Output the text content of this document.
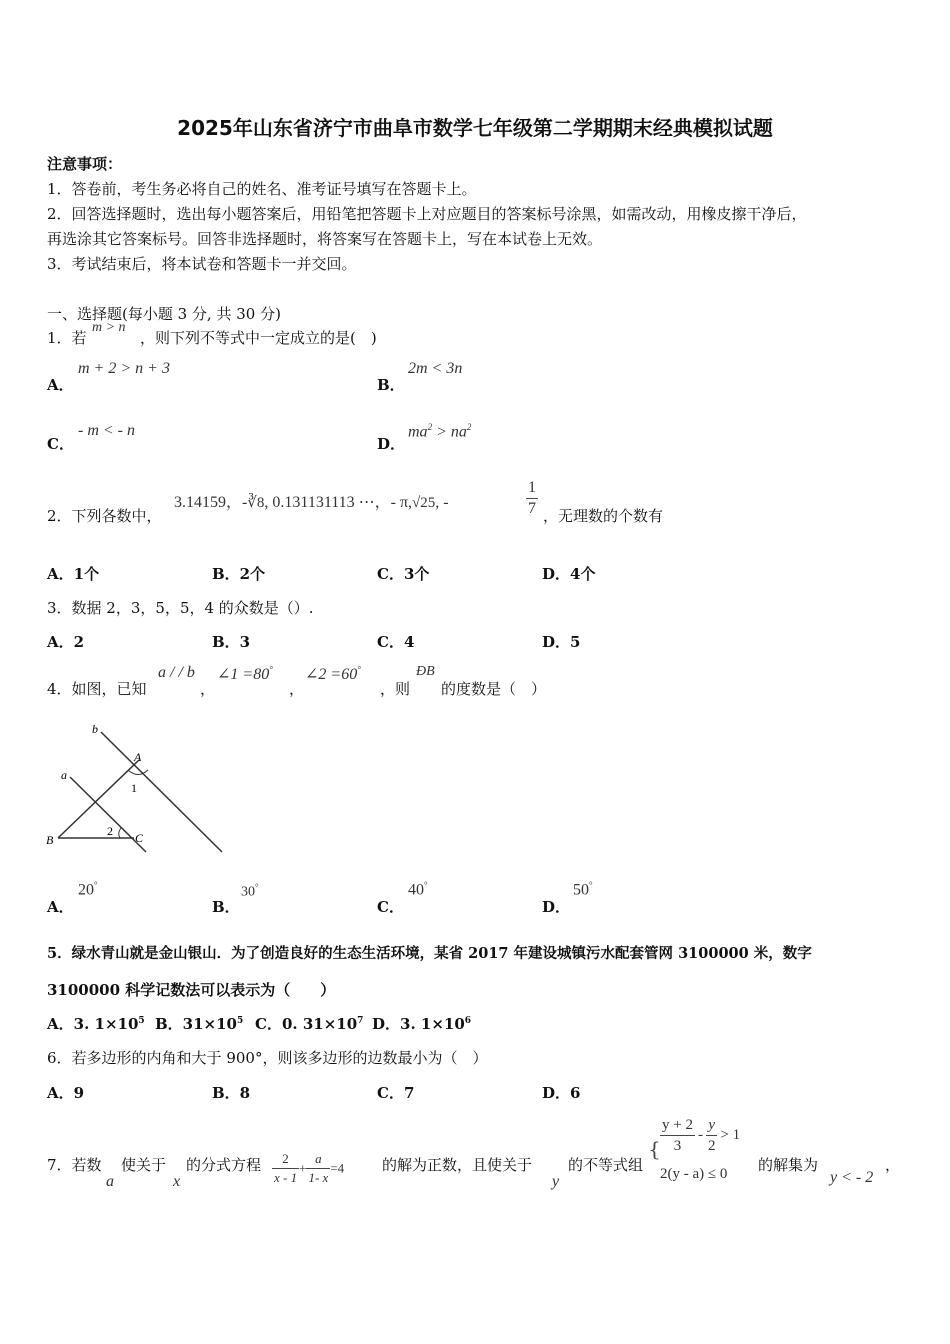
2025年山东省济宁市曲阜市数学七年级第二学期期末经典模拟试题
注意事项：
1．答卷前，考生务必将自己的姓名、准考证号填写在答题卡上。
2．回答选择题时，选出每小题答案后，用铅笔把答题卡上对应题目的答案标号涂黑，如需改动，用橡皮擦干净后，
再选涂其它答案标号。回答非选择题时，将答案写在答题卡上，写在本试卷上无效。
3．考试结束后，将本试卷和答题卡一并交回。
一、选择题(每小题 3 分, 共 30 分)
1．若
m > n
，则下列不等式中一定成立的是(　)
A．
m + 2 > n + 3
B．
2m < 3n
C．
- m < - n
D．
$ma^2 > na^2$
2．下列各数中，
3.14159，-∛8, 0.131131113 ⋯，- π,√25, -	$\frac{1}{7}$ ，无理数的个数有
A．1个	B．2个	C．3个	D．4个
3．数据 2，3，5，5，4 的众数是（）.
A．2	B．3	C．4	D．5
4．如图，已知
a / / b
，
∠1 =80°
，
∠2 =60°
，则
ÐB
的度数是（　）
b
a
A
1
B
2 C
A．
20°
B．
30°
C．
40°
D．
50°
5．绿水青山就是金山银山．为了创造良好的生态生活环境，某省 2017 年建设城镇污水配套管网 3100000 米，数字
3100000 科学记数法可以表示为（　　）
A．3. $1\times 10^5$ B．$31\times 10^5$ C．0. $31\times 10^7$ D．3. $1\times 10^6$
6．若多边形的内角和大于 900°，则该多边形的边数最小为（　）
A．9	B．8	C．7	D．6
7．若数
a
使关于
x
的分式方程 $\frac{2}{x - 1} + \frac{a}{1- x} =4$	的解为正数，且使关于
y
的不等式组
{ $\frac{y + 2}{3} - \frac{y}{2} > 1$
2(y - a) ≤ 0 的解集为
y < - 2
，
